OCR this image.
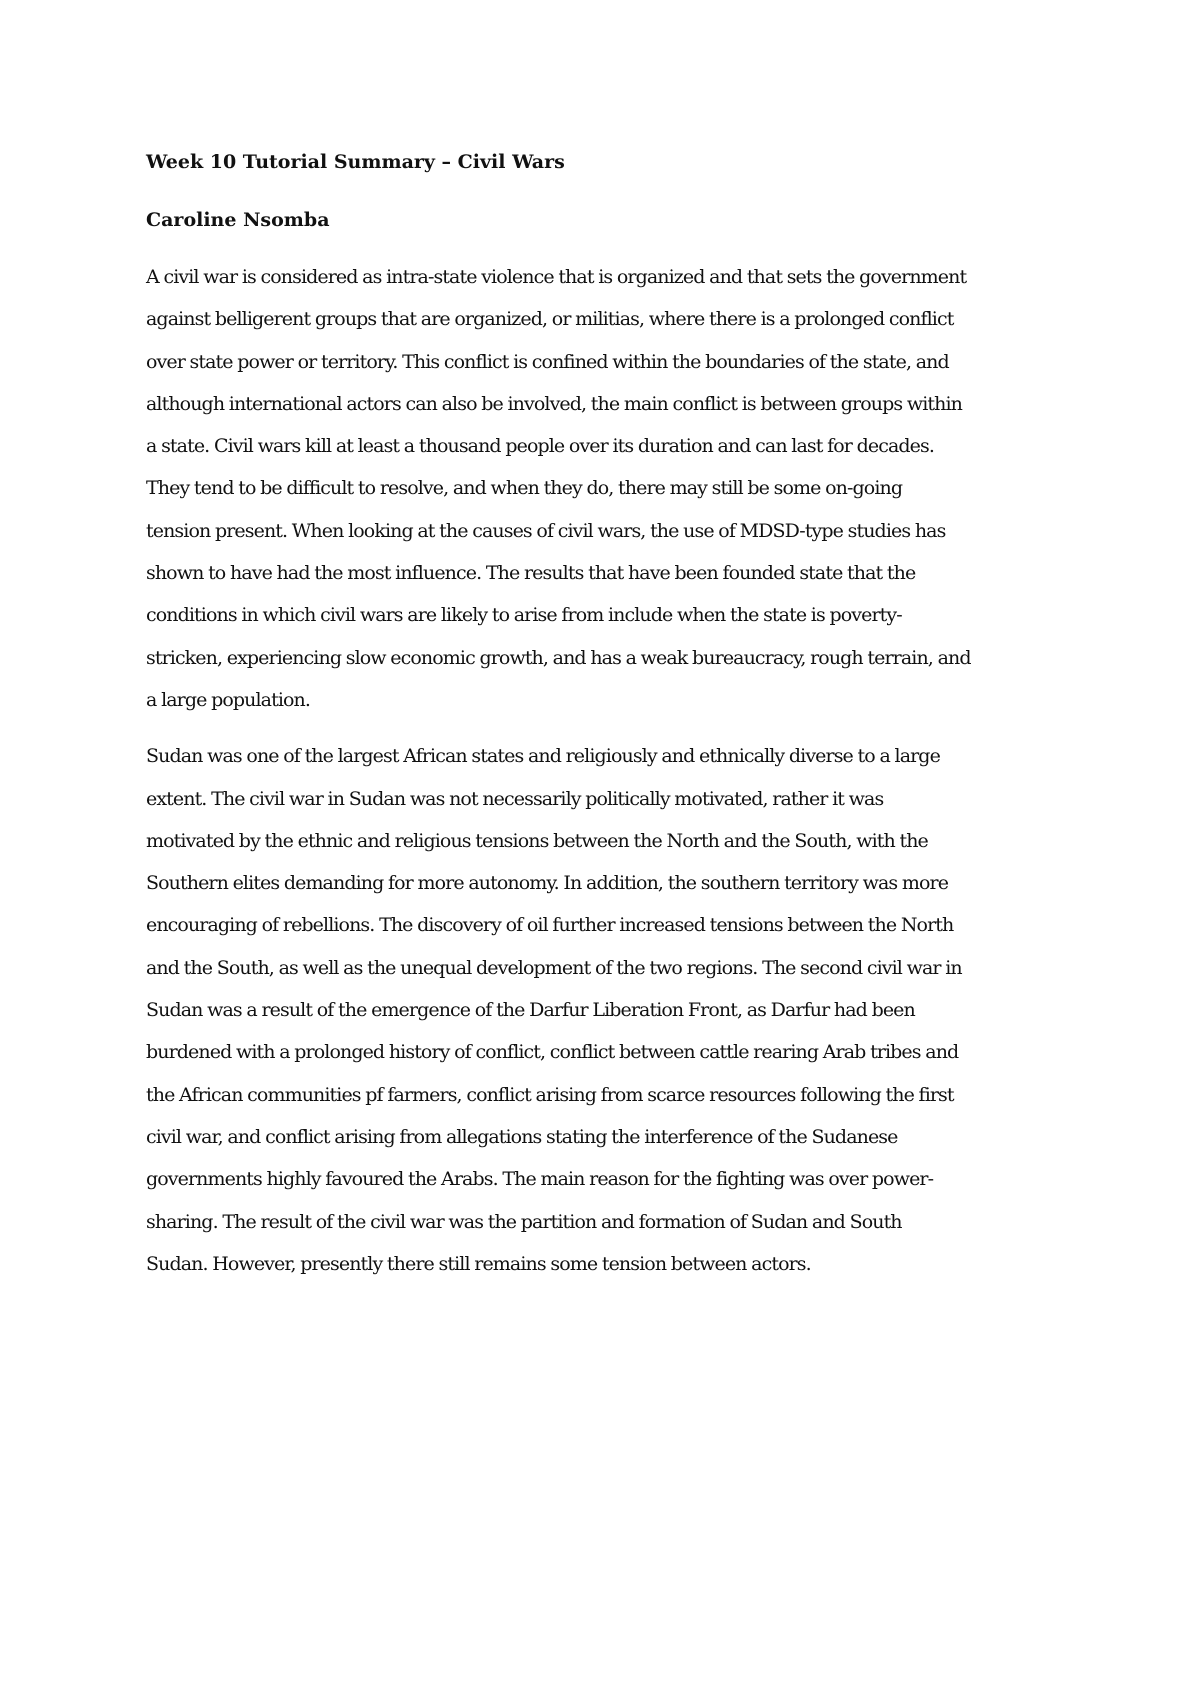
Week 10 Tutorial Summary – Civil Wars
Caroline Nsomba
A civil war is considered as intra-state violence that is organized and that sets the government
against belligerent groups that are organized, or militias, where there is a prolonged conflict
over state power or territory. This conflict is confined within the boundaries of the state, and
although international actors can also be involved, the main conflict is between groups within
a state. Civil wars kill at least a thousand people over its duration and can last for decades.
They tend to be difficult to resolve, and when they do, there may still be some on-going
tension present. When looking at the causes of civil wars, the use of MDSD-type studies has
shown to have had the most influence. The results that have been founded state that the
conditions in which civil wars are likely to arise from include when the state is poverty-
stricken, experiencing slow economic growth, and has a weak bureaucracy, rough terrain, and
a large population.
Sudan was one of the largest African states and religiously and ethnically diverse to a large
extent. The civil war in Sudan was not necessarily politically motivated, rather it was
motivated by the ethnic and religious tensions between the North and the South, with the
Southern elites demanding for more autonomy. In addition, the southern territory was more
encouraging of rebellions. The discovery of oil further increased tensions between the North
and the South, as well as the unequal development of the two regions. The second civil war in
Sudan was a result of the emergence of the Darfur Liberation Front, as Darfur had been
burdened with a prolonged history of conflict, conflict between cattle rearing Arab tribes and
the African communities pf farmers, conflict arising from scarce resources following the first
civil war, and conflict arising from allegations stating the interference of the Sudanese
governments highly favoured the Arabs. The main reason for the fighting was over power-
sharing. The result of the civil war was the partition and formation of Sudan and South
Sudan. However, presently there still remains some tension between actors.
